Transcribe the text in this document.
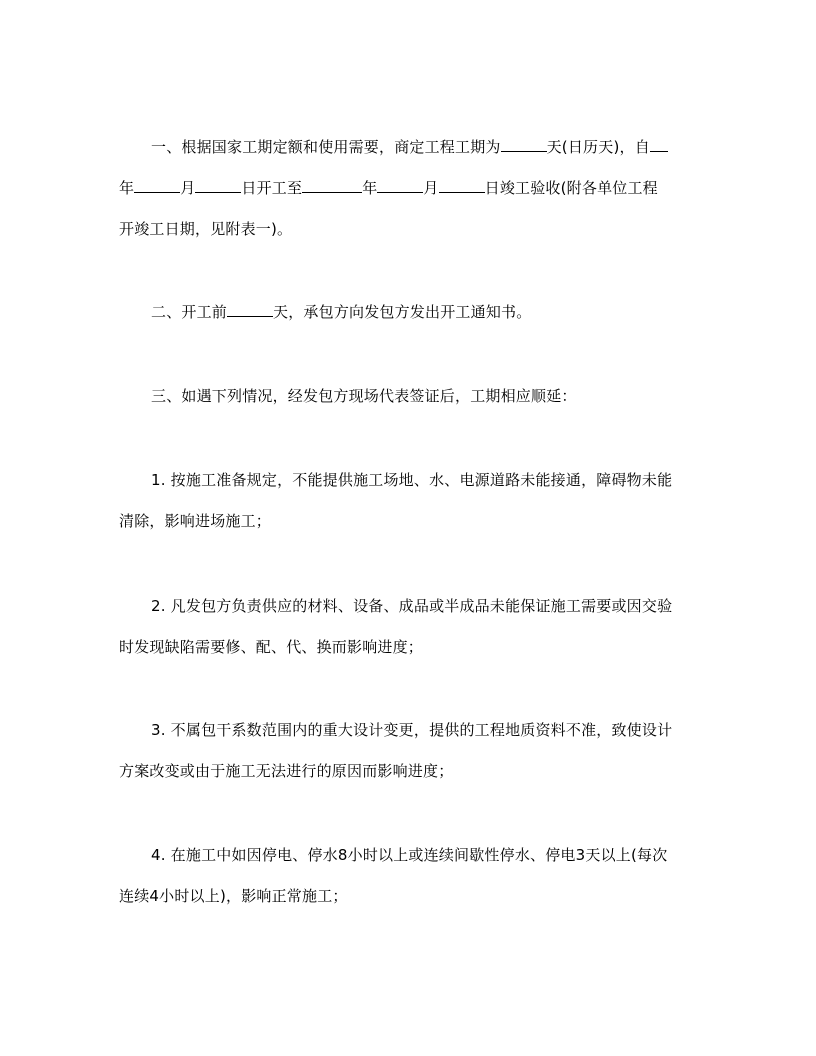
一、根据国家工期定额和使用需要，商定工程工期为	天(日历天)，自
年	月	日开工至	年	月	日竣工验收(附各单位工程
开竣工日期，见附表一)。
二、开工前	天，承包方向发包方发出开工通知书。
三、如遇下列情况，经发包方现场代表签证后，工期相应顺延：
1. 按施工准备规定，不能提供施工场地、水、电源道路未能接通，障碍物未能
清除，影响进场施工；
2. 凡发包方负责供应的材料、设备、成品或半成品未能保证施工需要或因交验
时发现缺陷需要修、配、代、换而影响进度；
3. 不属包干系数范围内的重大设计变更，提供的工程地质资料不准，致使设计
方案改变或由于施工无法进行的原因而影响进度；
4. 在施工中如因停电、停水8小时以上或连续间歇性停水、停电3天以上(每次
连续4小时以上)，影响正常施工；
